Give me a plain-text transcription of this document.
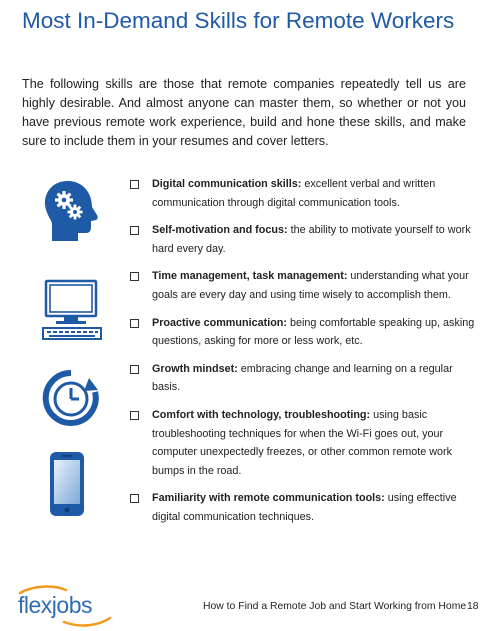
Most In-Demand Skills for Remote Workers

The following skills are those that remote companies repeatedly tell us are highly desirable. And almost anyone can master them, so whether or not you have previous remote work experience, build and hone these skills, and make sure to include them in your resumes and cover letters.

Digital communication skills: excellent verbal and written communication through digital communication tools.
Self-motivation and focus: the ability to motivate yourself to work hard every day.
Time management, task management: understanding what your goals are every day and using time wisely to accomplish them.
Proactive communication: being comfortable speaking up, asking questions, asking for more or less work, etc.
Growth mindset: embracing change and learning on a regular basis.
Comfort with technology, troubleshooting: using basic troubleshooting techniques for when the Wi-Fi goes out, your computer unexpectedly freezes, or other common remote work bumps in the road.
Familiarity with remote communication tools: using effective digital communication techniques.
flexjobs	How to Find a Remote Job and Start Working from Home 18
